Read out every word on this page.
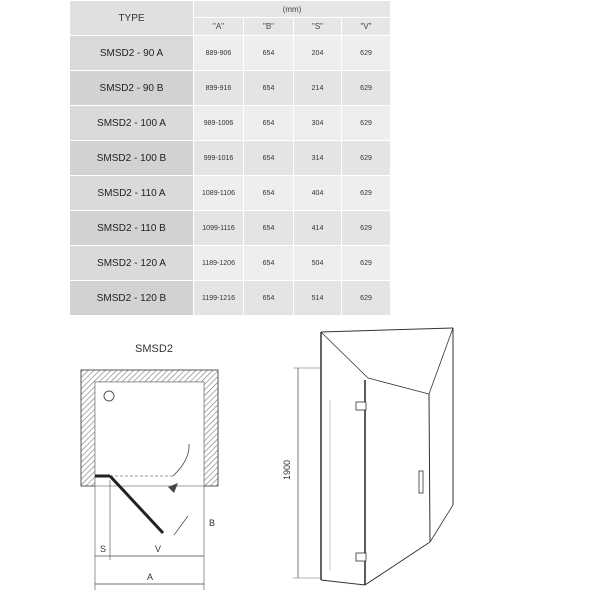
TYPE	(mm)			
	"A"	"B"	"S"	"V"
SMSD2 - 90 A	889-906	654	204	629
SMSD2 - 90 B	899-916	654	214	629
SMSD2 - 100 A	989-1006	654	304	629
SMSD2 - 100 B	999-1016	654	314	629
SMSD2 - 110 A	1089-1106	654	404	629
SMSD2 - 110 B	1099-1116	654	414	629
SMSD2 - 120 A	1189-1206	654	504	629
SMSD2 - 120 B	1199-1216	654	514	629
SMSD2
S	V
A
B
1900
